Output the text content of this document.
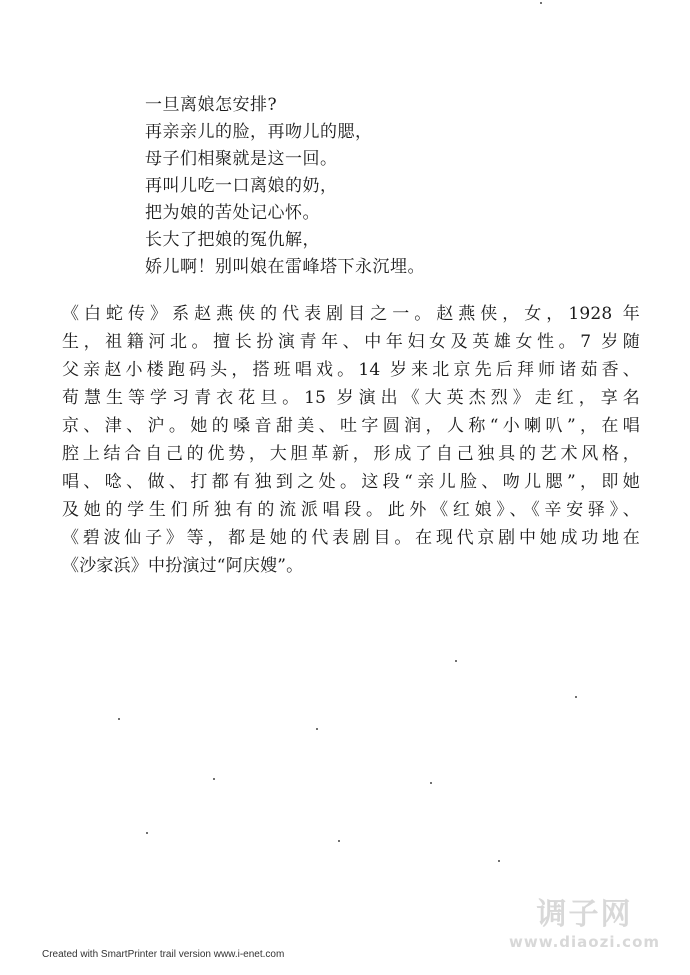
一旦离娘怎安排?
再亲亲儿的脸，再吻儿的腮，
母子们相聚就是这一回。
再叫儿吃一口离娘的奶，
把为娘的苦处记心怀。
长大了把娘的冤仇解，
娇儿啊！别叫娘在雷峰塔下永沉埋。
《白蛇传》系赵燕侠的代表剧目之一。赵燕侠，女，1928 年
生，祖籍河北。擅长扮演青年、中年妇女及英雄女性。7 岁随
父亲赵小楼跑码头，搭班唱戏。14 岁来北京先后拜师诸茹香、
荀慧生等学习青衣花旦。15 岁演出《大英杰烈》走红，享名
京、津、沪。她的嗓音甜美、吐字圆润，人称“小喇叭”，在唱
腔上结合自己的优势，大胆革新，形成了自己独具的艺术风格，
唱、唸、做、打都有独到之处。这段“亲儿脸、吻儿腮”，即她
及她的学生们所独有的流派唱段。此外《红娘》、《辛安驿》、
《碧波仙子》等，都是她的代表剧目。在现代京剧中她成功地在
《沙家浜》中扮演过“阿庆嫂”。
调子网
www.diaozi.com
Created with SmartPrinter trail version www.i-enet.com
